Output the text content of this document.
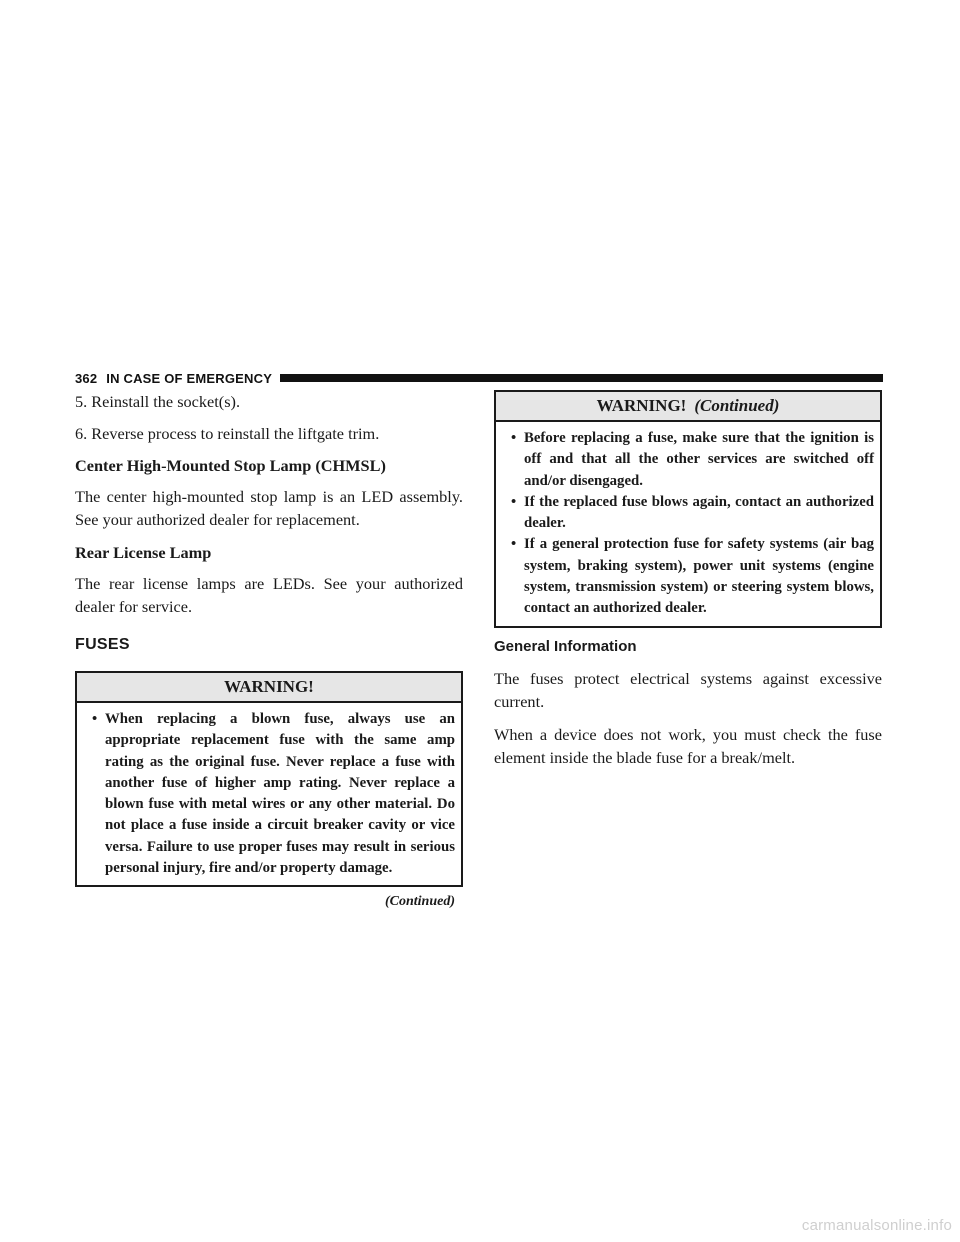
362 IN CASE OF EMERGENCY

5. Reinstall the socket(s).

6. Reverse process to reinstall the liftgate trim.

Center High-Mounted Stop Lamp (CHMSL)

The center high-mounted stop lamp is an LED assembly. See your authorized dealer for replacement.

Rear License Lamp

The rear license lamps are LEDs. See your authorized dealer for service.

FUSES
WARNING!
• When replacing a blown fuse, always use an appropriate replacement fuse with the same amp rating as the original fuse. Never replace a fuse with another fuse of higher amp rating. Never replace a blown fuse with metal wires or any other material. Do not place a fuse inside a circuit breaker cavity or vice versa. Failure to use proper fuses may result in serious personal injury, fire and/or property damage.
(Continued)
WARNING! (Continued)
• Before replacing a fuse, make sure that the ignition is off and that all the other services are switched off and/or disengaged.
• If the replaced fuse blows again, contact an authorized dealer.
• If a general protection fuse for safety systems (air bag system, braking system), power unit systems (engine system, transmission system) or steering system blows, contact an authorized dealer.
General Information

The fuses protect electrical systems against excessive current.

When a device does not work, you must check the fuse element inside the blade fuse for a break/melt.

carmanualsonline.info
